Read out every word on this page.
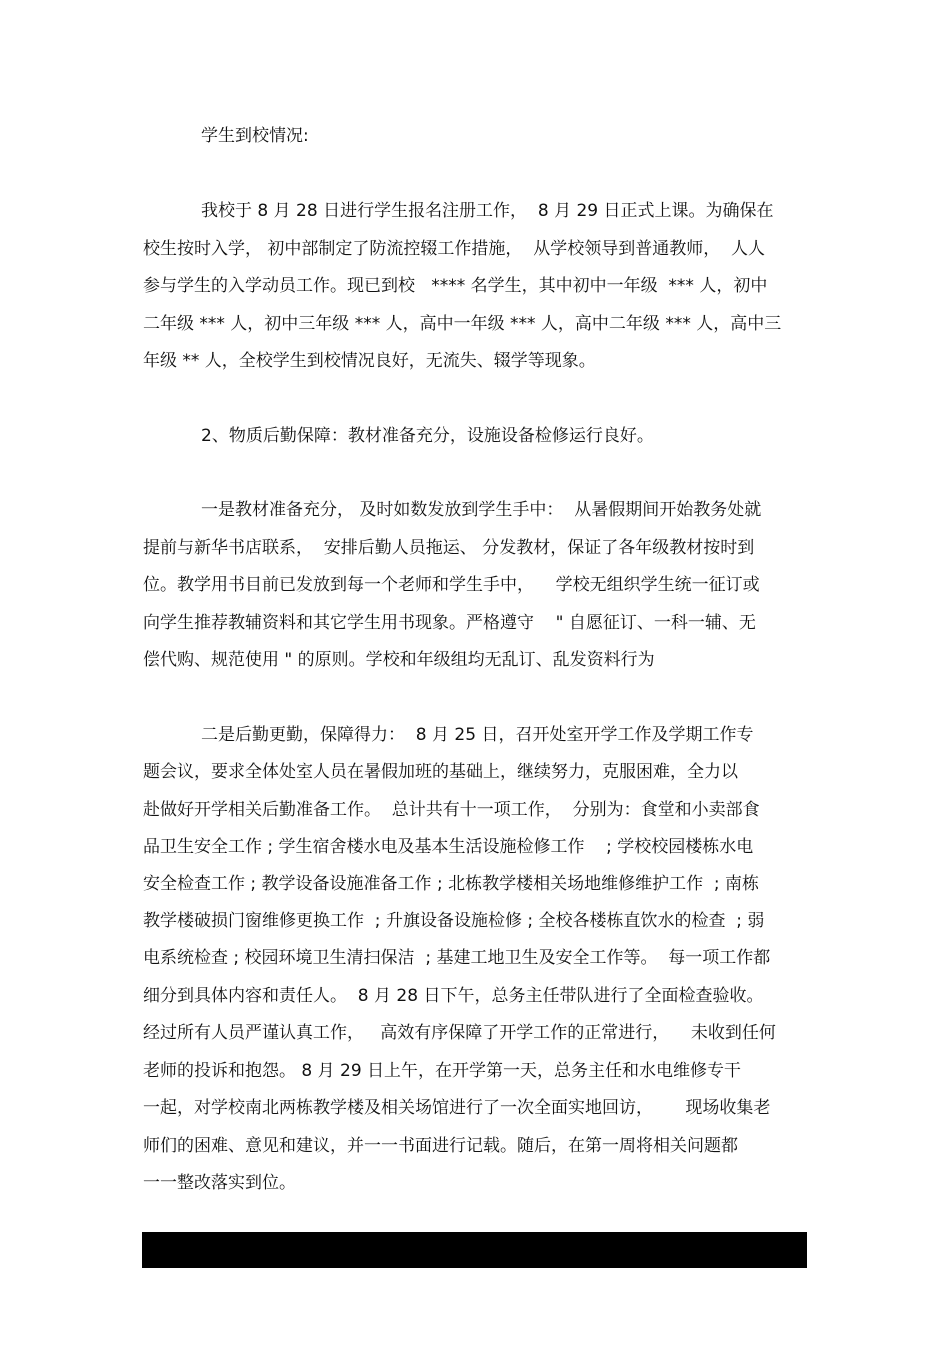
学生到校情况:
我校于 8 月 28 日进行学生报名注册工作，  8 月 29 日正式上课。为确保在
校生按时入学， 初中部制定了防流控辍工作措施，  从学校领导到普通教师，  人人
参与学生的入学动员工作。现已到校   **** 名学生，其中初中一年级  *** 人，初中
二年级 *** 人，初中三年级 *** 人，高中一年级 *** 人，高中二年级 *** 人，高中三
年级 ** 人，全校学生到校情况良好，无流失、辍学等现象。
2、物质后勤保障：教材准备充分，设施设备检修运行良好。
一是教材准备充分， 及时如数发放到学生手中：  从暑假期间开始教务处就
提前与新华书店联系，  安排后勤人员拖运、 分发教材，保证了各年级教材按时到
位。教学用书目前已发放到每一个老师和学生手中，    学校无组织学生统一征订或
向学生推荐教辅资料和其它学生用书现象。严格遵守    " 自愿征订、一科一辅、无
偿代购、规范使用 " 的原则。学校和年级组均无乱订、乱发资料行为
二是后勤更勤，保障得力：  8 月 25 日，召开处室开学工作及学期工作专
题会议，要求全体处室人员在暑假加班的基础上，继续努力，克服困难，全力以
赴做好开学相关后勤准备工作。  总计共有十一项工作，  分别为：食堂和小卖部食
品卫生安全工作 ; 学生宿舍楼水电及基本生活设施检修工作    ; 学校校园楼栋水电
安全检查工作 ; 教学设备设施准备工作 ; 北栋教学楼相关场地维修维护工作  ; 南栋
教学楼破损门窗维修更换工作  ; 升旗设备设施检修 ; 全校各楼栋直饮水的检查  ; 弱
电系统检查 ; 校园环境卫生清扫保洁  ; 基建工地卫生及安全工作等。  每一项工作都
细分到具体内容和责任人。  8 月 28 日下午，总务主任带队进行了全面检查验收。
经过所有人员严谨认真工作，   高效有序保障了开学工作的正常进行，    未收到任何
老师的投诉和抱怨。 8 月 29 日上午，在开学第一天，总务主任和水电维修专干
一起，对学校南北两栋教学楼及相关场馆进行了一次全面实地回访，      现场收集老
师们的困难、意见和建议，并一一书面进行记载。随后，在第一周将相关问题都
一一整改落实到位。
